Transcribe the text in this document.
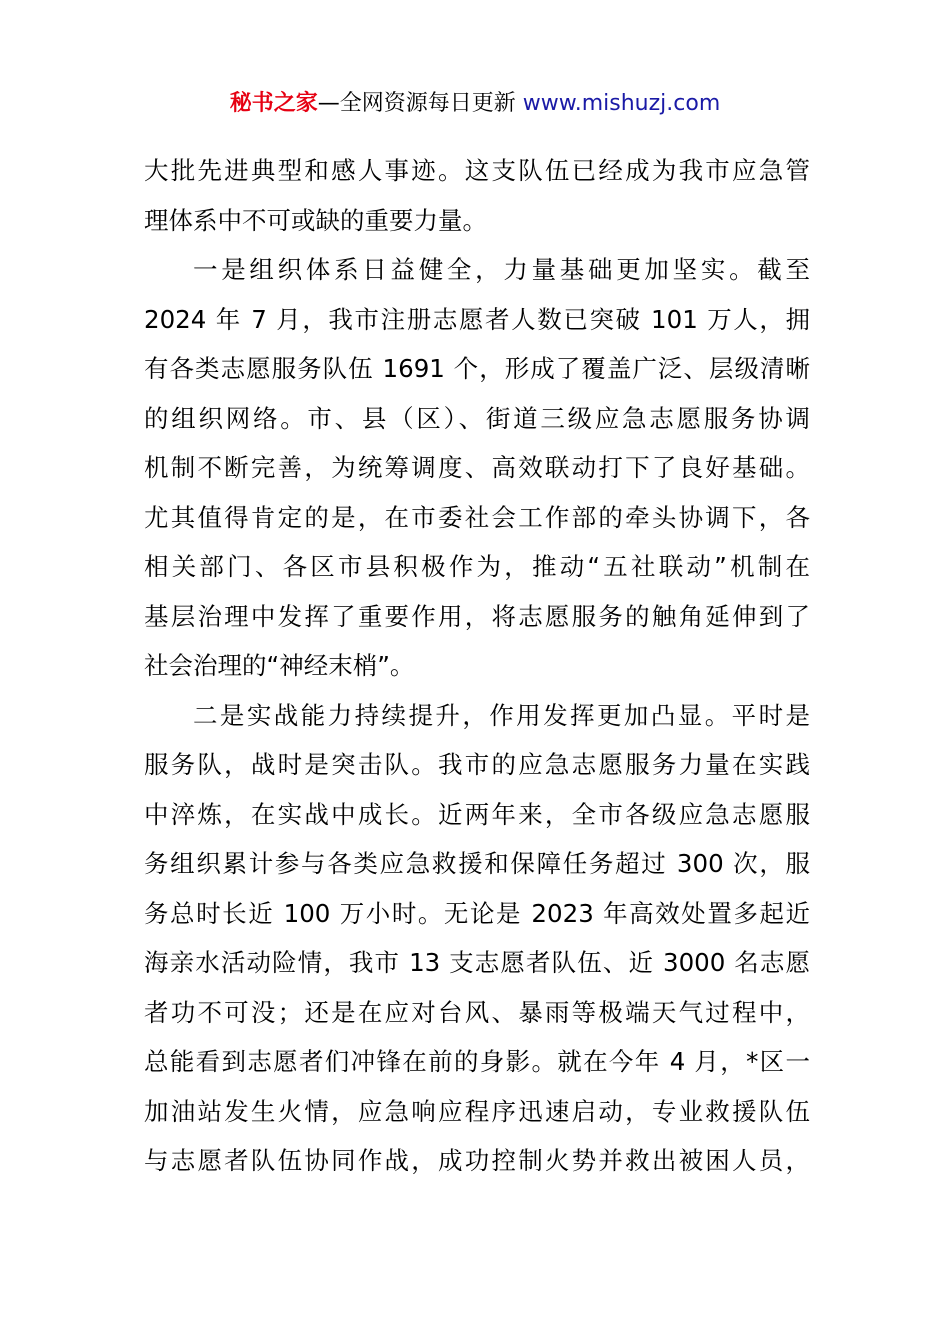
秘书之家—全网资源每日更新 www.mishuzj.com
大批先进典型和感人事迹。这支队伍已经成为我市应急管
理体系中不可或缺的重要力量。
一是组织体系日益健全，力量基础更加坚实。截至
2024 年 7 月，我市注册志愿者人数已突破 101 万人，拥
有各类志愿服务队伍 1691 个，形成了覆盖广泛、层级清晰
的组织网络。市、县（区）、街道三级应急志愿服务协调
机制不断完善，为统筹调度、高效联动打下了良好基础。
尤其值得肯定的是，在市委社会工作部的牵头协调下，各
相关部门、各区市县积极作为，推动“五社联动”机制在
基层治理中发挥了重要作用，将志愿服务的触角延伸到了
社会治理的“神经末梢”。
二是实战能力持续提升，作用发挥更加凸显。平时是
服务队，战时是突击队。我市的应急志愿服务力量在实践
中淬炼，在实战中成长。近两年来，全市各级应急志愿服
务组织累计参与各类应急救援和保障任务超过 300 次，服
务总时长近 100 万小时。无论是 2023 年高效处置多起近
海亲水活动险情，我市 13 支志愿者队伍、近 3000 名志愿
者功不可没；还是在应对台风、暴雨等极端天气过程中，
总能看到志愿者们冲锋在前的身影。就在今年 4 月，*区一
加油站发生火情，应急响应程序迅速启动，专业救援队伍
与志愿者队伍协同作战，成功控制火势并救出被困人员，
